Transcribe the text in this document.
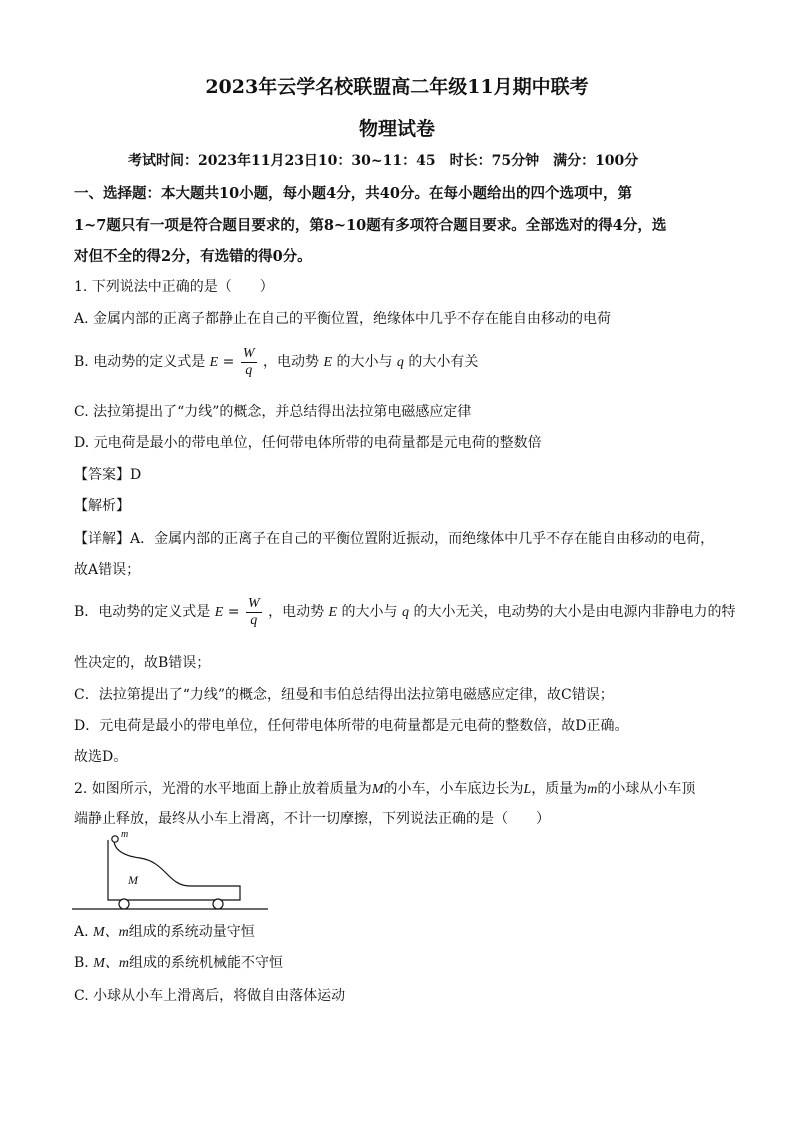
2023年云学名校联盟高二年级11月期中联考
物理试卷
考试时间：2023年11月23日10：30~11：45　时长：75分钟　满分：100分
一、选择题：本大题共10小题，每小题4分，共40分。在每小题给出的四个选项中，第
1~7题只有一项是符合题目要求的，第8~10题有多项符合题目要求。全部选对的得4分，选
对但不全的得2分，有选错的得0分。
1. 下列说法中正确的是（　　）
A. 金属内部的正离子都静止在自己的平衡位置，绝缘体中几乎不存在能自由移动的电荷
B. 电动势的定义式是 $E = \frac{W}{q}$ ，电动势 E 的大小与 q 的大小有关
C. 法拉第提出了“力线”的概念，并总结得出法拉第电磁感应定律
D. 元电荷是最小的带电单位，任何带电体所带的电荷量都是元电荷的整数倍
【答案】D
【解析】
【详解】A．金属内部的正离子在自己的平衡位置附近振动，而绝缘体中几乎不存在能自由移动的电荷，
故A错误；
B．电动势的定义式是 $E = \frac{W}{q}$ ，电动势 E 的大小与 q 的大小无关，电动势的大小是由电源内非静电力的特
性决定的，故B错误；
C．法拉第提出了“力线”的概念，纽曼和韦伯总结得出法拉第电磁感应定律，故C错误；
D．元电荷是最小的带电单位，任何带电体所带的电荷量都是元电荷的整数倍，故D正确。
故选D。
2. 如图所示，光滑的水平地面上静止放着质量为M的小车，小车底边长为L，质量为m的小球从小车顶
端静止释放，最终从小车上滑离，不计一切摩擦，下列说法正确的是（　　）
m
M
A. M、m组成的系统动量守恒
B. M、m组成的系统机械能不守恒
C. 小球从小车上滑离后，将做自由落体运动
